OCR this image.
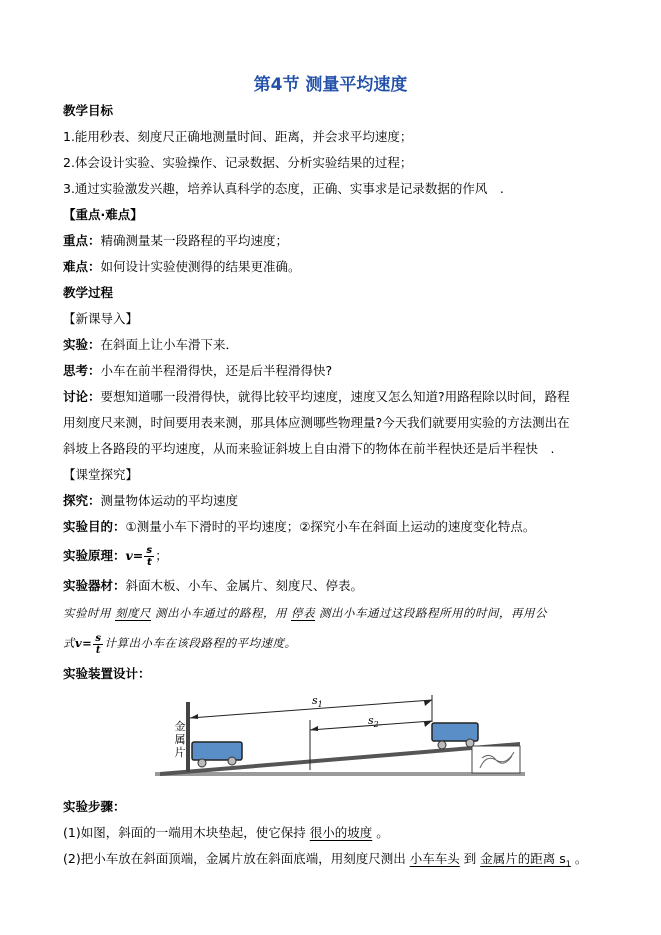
第4节 测量平均速度
教学目标
1.能用秒表、刻度尺正确地测量时间、距离，并会求平均速度；
2.体会设计实验、实验操作、记录数据、分析实验结果的过程；
3.通过实验激发兴趣，培养认真科学的态度，正确、实事求是记录数据的作风　.
【重点·难点】
重点：精确测量某一段路程的平均速度；
难点：如何设计实验使测得的结果更准确。
教学过程
【新课导入】
实验：在斜面上让小车滑下来．
思考：小车在前半程滑得快，还是后半程滑得快?
讨论：要想知道哪一段滑得快，就得比较平均速度，速度又怎么知道?用路程除以时间，路程
用刻度尺来测，时间要用表来测，那具体应测哪些物理量?今天我们就要用实验的方法测出在
斜坡上各路段的平均速度，从而来验证斜坡上自由滑下的物体在前半程快还是后半程快　.
【课堂探究】
探究：测量物体运动的平均速度
实验目的：①测量小车下滑时的平均速度；②探究小车在斜面上运动的速度变化特点。
实验原理：$v= \frac{s}{t}$ ；
实验器材：斜面木板、小车、金属片、刻度尺、停表。
实验时用 刻度尺 测出小车通过的路程，用 停表 测出小车通过这段路程所用的时间，再用公
式$v= \frac{s}{t}$ 计算出小车在该段路程的平均速度。
实验装置设计：
金属片
$s_1$
$s_2$
实验步骤：
(1)如图，斜面的一端用木块垫起，使它保持 很小的坡度 。
(2)把小车放在斜面顶端，金属片放在斜面底端，用刻度尺测出 小车车头 到 金属片的距离 $s_1$ 。
